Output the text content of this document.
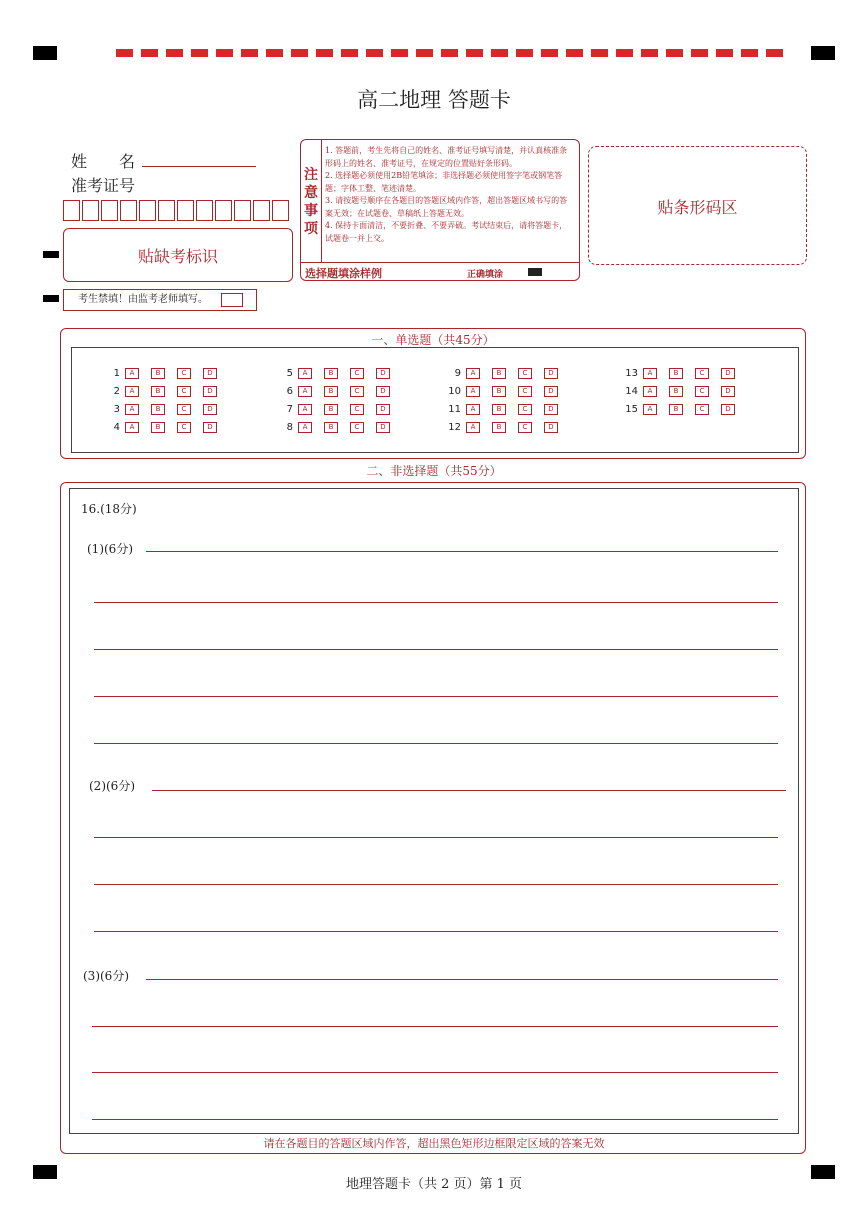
高二地理 答题卡
姓　　名
准考证号
注意事项
1. 答题前，考生先将自己的姓名、准考证号填写清楚，并认真核准条形码上的姓名、准考证号，在规定的位置贴好条形码。
2. 选择题必须使用2B铅笔填涂；非选择题必须使用签字笔或钢笔答题；字体工整、笔迹清楚。
3. 请按题号顺序在各题目的答题区域内作答，超出答题区域书写的答案无效；在试题卷、草稿纸上答题无效。
4. 保持卡面清洁，不要折叠、不要弄破。考试结束后，请将答题卡，试题卷一并上交。
选择题填涂样例	正确填涂
贴条形码区
贴缺考标识
考生禁填！由监考老师填写。
一、单选题（共45分）
1	A	B	C	D
2	A	B	C	D
3	A	B	C	D
4	A	B	C	D
5	A	B	C	D
6	A	B	C	D
7	A	B	C	D
8	A	B	C	D
9	A	B	C	D
10	A	B	C	D
11	A	B	C	D
12	A	B	C	D
13	A	B	C	D
14	A	B	C	D
15	A	B	C	D
二、非选择题（共55分）
16.(18分)
(1)(6分)
(2)(6分)
(3)(6分)
请在各题目的答题区域内作答，超出黑色矩形边框限定区域的答案无效
地理答题卡（共 2 页）第 1 页
